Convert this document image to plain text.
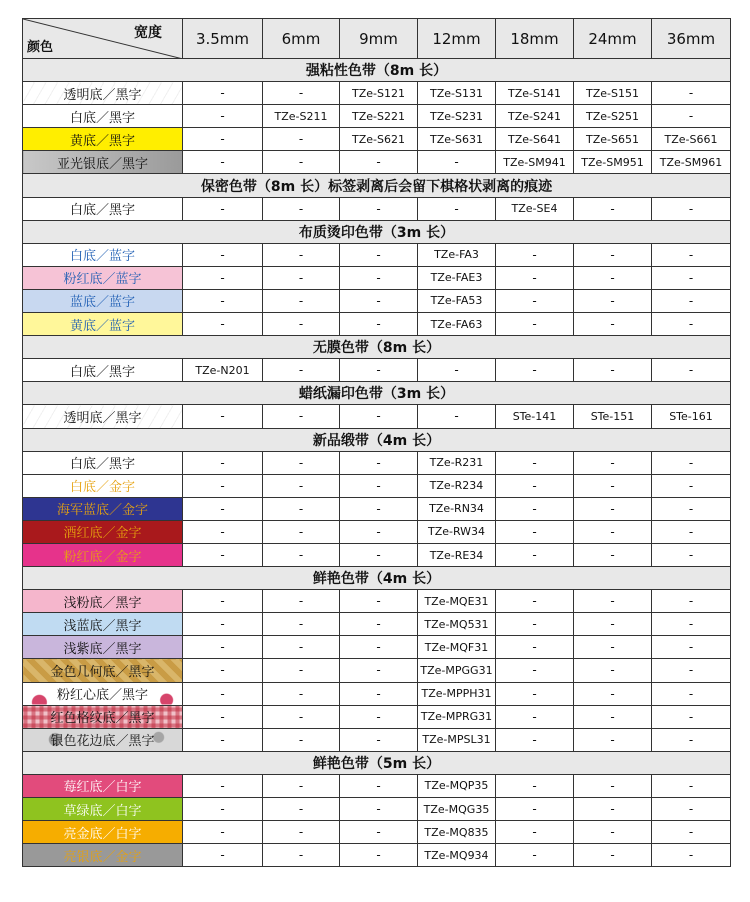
宽度
颜色	3.5mm	6mm	9mm	12mm	18mm	24mm	36mm
强粘性色带（8m 长）							
透明底／黑字	-	-	TZe-S121	TZe-S131	TZe-S141	TZe-S151	-
白底／黑字	-	TZe-S211	TZe-S221	TZe-S231	TZe-S241	TZe-S251	-
黄底／黑字	-	-	TZe-S621	TZe-S631	TZe-S641	TZe-S651	TZe-S661
亚光银底／黑字	-	-	-	-	TZe-SM941	TZe-SM951	TZe-SM961
保密色带（8m 长）标签剥离后会留下棋格状剥离的痕迹							
白底／黑字	-	-	-	-	TZe-SE4	-	-
布质烫印色带（3m 长）							
白底／蓝字	-	-	-	TZe-FA3	-	-	-
粉红底／蓝字	-	-	-	TZe-FAE3	-	-	-
蓝底／蓝字	-	-	-	TZe-FA53	-	-	-
黄底／蓝字	-	-	-	TZe-FA63	-	-	-
无膜色带（8m 长）							
白底／黑字	TZe-N201	-	-	-	-	-	-
蜡纸漏印色带（3m 长）							
透明底／黑字	-	-	-	-	STe-141	STe-151	STe-161
新品缎带（4m 长）							
白底／黑字	-	-	-	TZe-R231	-	-	-
白底／金字	-	-	-	TZe-R234	-	-	-
海军蓝底／金字	-	-	-	TZe-RN34	-	-	-
酒红底／金字	-	-	-	TZe-RW34	-	-	-
粉红底／金字	-	-	-	TZe-RE34	-	-	-
鲜艳色带（4m 长）							
浅粉底／黑字	-	-	-	TZe-MQE31	-	-	-
浅蓝底／黑字	-	-	-	TZe-MQ531	-	-	-
浅紫底／黑字	-	-	-	TZe-MQF31	-	-	-
金色几何底／黑字	-	-	-	TZe-MPGG31	-	-	-
粉红心底／黑字	-	-	-	TZe-MPPH31	-	-	-
红色格纹底／黑字	-	-	-	TZe-MPRG31	-	-	-
银色花边底／黑字	-	-	-	TZe-MPSL31	-	-	-
鲜艳色带（5m 长）							
莓红底／白字	-	-	-	TZe-MQP35	-	-	-
草绿底／白字	-	-	-	TZe-MQG35	-	-	-
亮金底／白字	-	-	-	TZe-MQ835	-	-	-
亮银底／金字	-	-	-	TZe-MQ934	-	-	-
